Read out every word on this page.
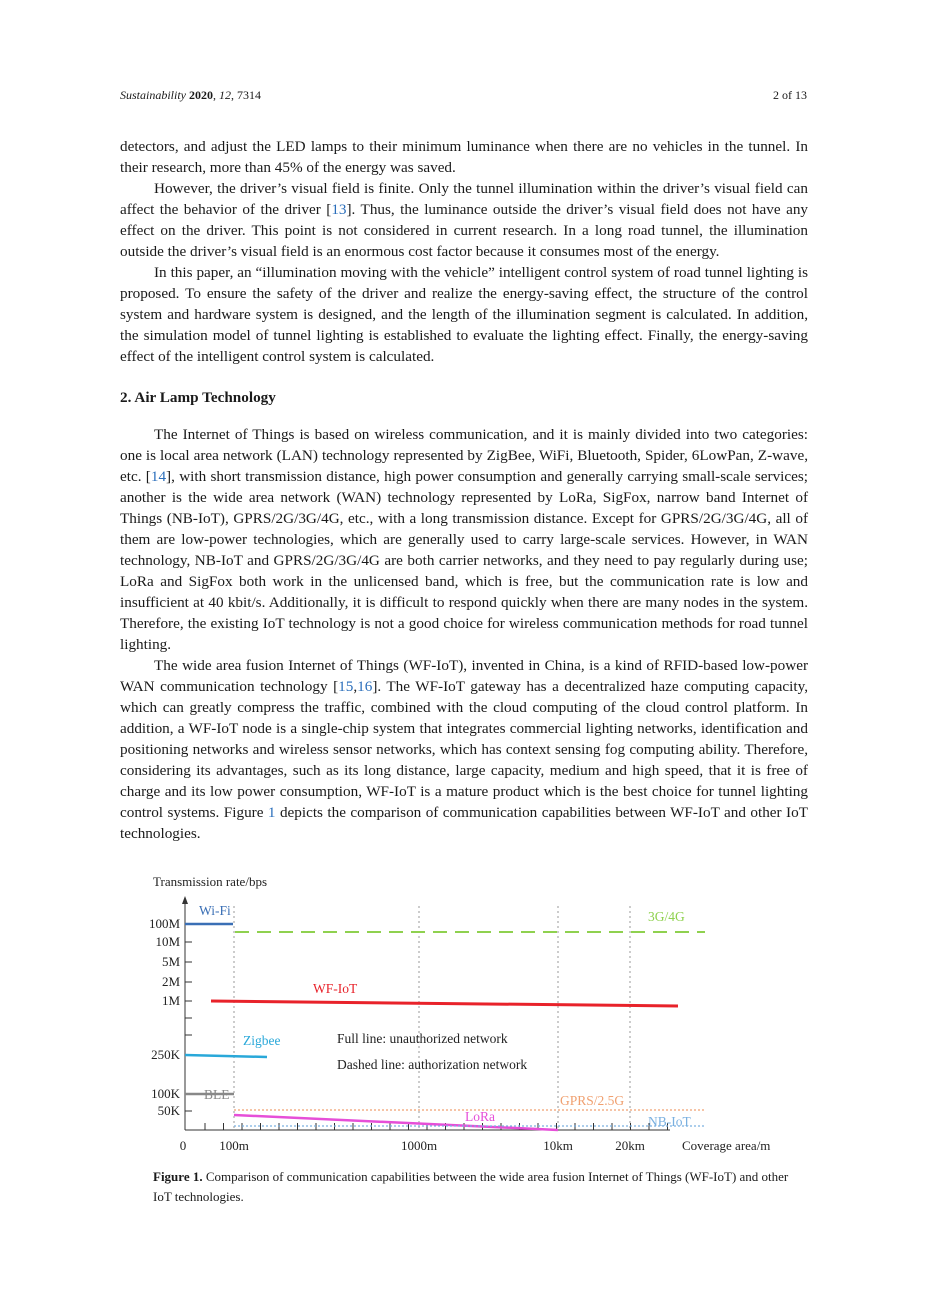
Sustainability 2020, 12, 7314	2 of 13

detectors, and adjust the LED lamps to their minimum luminance when there are no vehicles in the tunnel. In their research, more than 45% of the energy was saved.

However, the driver’s visual field is finite. Only the tunnel illumination within the driver’s visual field can affect the behavior of the driver [13]. Thus, the luminance outside the driver’s visual field does not have any effect on the driver. This point is not considered in current research. In a long road tunnel, the illumination outside the driver’s visual field is an enormous cost factor because it consumes most of the energy.

In this paper, an “illumination moving with the vehicle” intelligent control system of road tunnel lighting is proposed. To ensure the safety of the driver and realize the energy-saving effect, the structure of the control system and hardware system is designed, and the length of the illumination segment is calculated. In addition, the simulation model of tunnel lighting is established to evaluate the lighting effect. Finally, the energy-saving effect of the intelligent control system is calculated.

2. Air Lamp Technology

The Internet of Things is based on wireless communication, and it is mainly divided into two categories: one is local area network (LAN) technology represented by ZigBee, WiFi, Bluetooth, Spider, 6LowPan, Z-wave, etc. [14], with short transmission distance, high power consumption and generally carrying small-scale services; another is the wide area network (WAN) technology represented by LoRa, SigFox, narrow band Internet of Things (NB-IoT), GPRS/2G/3G/4G, etc., with a long transmission distance. Except for GPRS/2G/3G/4G, all of them are low-power technologies, which are generally used to carry large-scale services. However, in WAN technology, NB-IoT and GPRS/2G/3G/4G are both carrier networks, and they need to pay regularly during use; LoRa and SigFox both work in the unlicensed band, which is free, but the communication rate is low and insufficient at 40 kbit/s. Additionally, it is difficult to respond quickly when there are many nodes in the system. Therefore, the existing IoT technology is not a good choice for wireless communication methods for road tunnel lighting.

The wide area fusion Internet of Things (WF-IoT), invented in China, is a kind of RFID-based low-power WAN communication technology [15,16]. The WF-IoT gateway has a decentralized haze computing capacity, which can greatly compress the traffic, combined with the cloud computing of the cloud control platform. In addition, a WF-IoT node is a single-chip system that integrates commercial lighting networks, identification and positioning networks and wireless sensor networks, which has context sensing fog computing ability. Therefore, considering its advantages, such as its long distance, large capacity, medium and high speed, that it is free of charge and its low power consumption, WF-IoT is a mature product which is the best choice for tunnel lighting control systems. Figure 1 depicts the comparison of communication capabilities between WF-IoT and other IoT technologies.

Transmission rate/bps
Coverage area/m
100M
10M
5M
2M
1M
250K
100K
50K
0	100m	1000m	10km	20km
Wi-Fi	3G/4G
WF-IoT
Zigbee
BLE	GPRS/2.5G
LoRa	NB-IoT
Full line: unauthorized network
Dashed line: authorization network
Figure 1. Comparison of communication capabilities between the wide area fusion Internet of Things (WF-IoT) and other IoT technologies.
